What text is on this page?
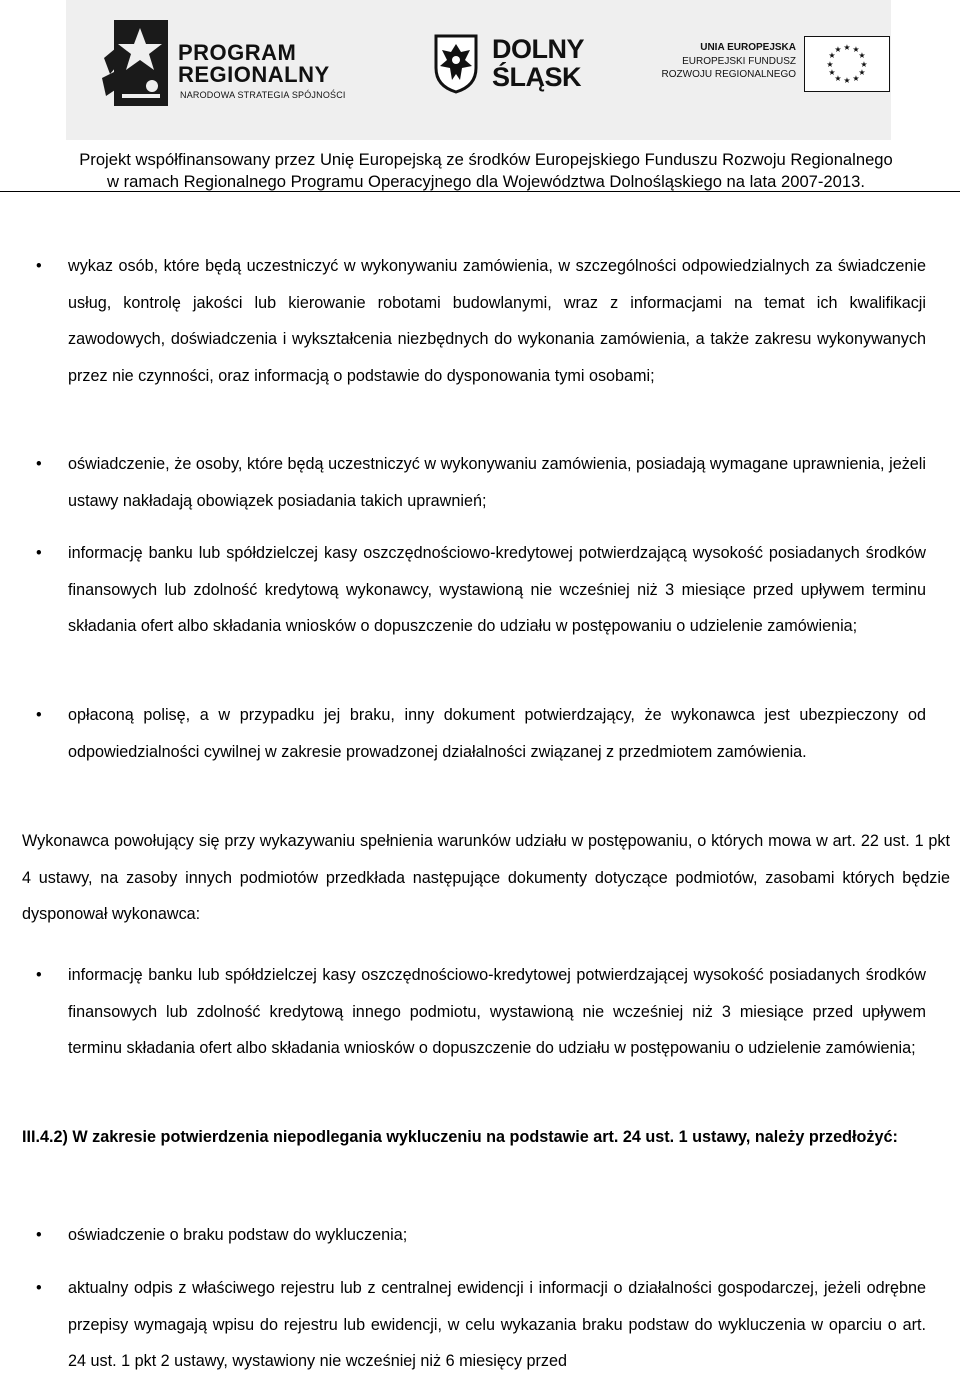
PROGRAM
REGIONALNY
NARODOWA STRATEGIA SPÓJNOŚCI
DOLNY
ŚLĄSK
UNIA EUROPEJSKA
EUROPEJSKI FUNDUSZ
ROZWOJU REGIONALNEGO
★ ★
★
★
★
★
★
★
★
★
★
★
Projekt współfinansowany przez Unię Europejską ze środków Europejskiego Funduszu Rozwoju Regionalnego
w ramach Regionalnego Programu Operacyjnego dla Województwa Dolnośląskiego na lata 2007-2013.
• wykaz osób, które będą uczestniczyć w wykonywaniu zamówienia, w szczególności odpowiedzialnych za świadczenie usług, kontrolę jakości lub kierowanie robotami budowlanymi, wraz z informacjami na temat ich kwalifikacji zawodowych, doświadczenia i wykształcenia niezbędnych do wykonania zamówienia, a także zakresu wykonywanych przez nie czynności, oraz informacją o podstawie do dysponowania tymi osobami;
• oświadczenie, że osoby, które będą uczestniczyć w wykonywaniu zamówienia, posiadają wymagane uprawnienia, jeżeli ustawy nakładają obowiązek posiadania takich uprawnień;
• informację banku lub spółdzielczej kasy oszczędnościowo-kredytowej potwierdzającą wysokość posiadanych środków finansowych lub zdolność kredytową wykonawcy, wystawioną nie wcześniej niż 3 miesiące przed upływem terminu składania ofert albo składania wniosków o dopuszczenie do udziału w postępowaniu o udzielenie zamówienia;
• opłaconą polisę, a w przypadku jej braku, inny dokument potwierdzający, że wykonawca jest ubezpieczony od odpowiedzialności cywilnej w zakresie prowadzonej działalności związanej z przedmiotem zamówienia.
Wykonawca powołujący się przy wykazywaniu spełnienia warunków udziału w postępowaniu, o których mowa w art. 22 ust. 1 pkt 4 ustawy, na zasoby innych podmiotów przedkłada następujące dokumenty dotyczące podmiotów, zasobami których będzie dysponował wykonawca:
• informację banku lub spółdzielczej kasy oszczędnościowo-kredytowej potwierdzającej wysokość posiadanych środków finansowych lub zdolność kredytową innego podmiotu, wystawioną nie wcześniej niż 3 miesiące przed upływem terminu składania ofert albo składania wniosków o dopuszczenie do udziału w postępowaniu o udzielenie zamówienia;
III.4.2) W zakresie potwierdzenia niepodlegania wykluczeniu na podstawie art. 24 ust. 1 ustawy, należy przedłożyć:
• oświadczenie o braku podstaw do wykluczenia;
• aktualny odpis z właściwego rejestru lub z centralnej ewidencji i informacji o działalności gospodarczej, jeżeli odrębne przepisy wymagają wpisu do rejestru lub ewidencji, w celu wykazania braku podstaw do wykluczenia w oparciu o art. 24 ust. 1 pkt 2 ustawy, wystawiony nie wcześniej niż 6 miesięcy przed
